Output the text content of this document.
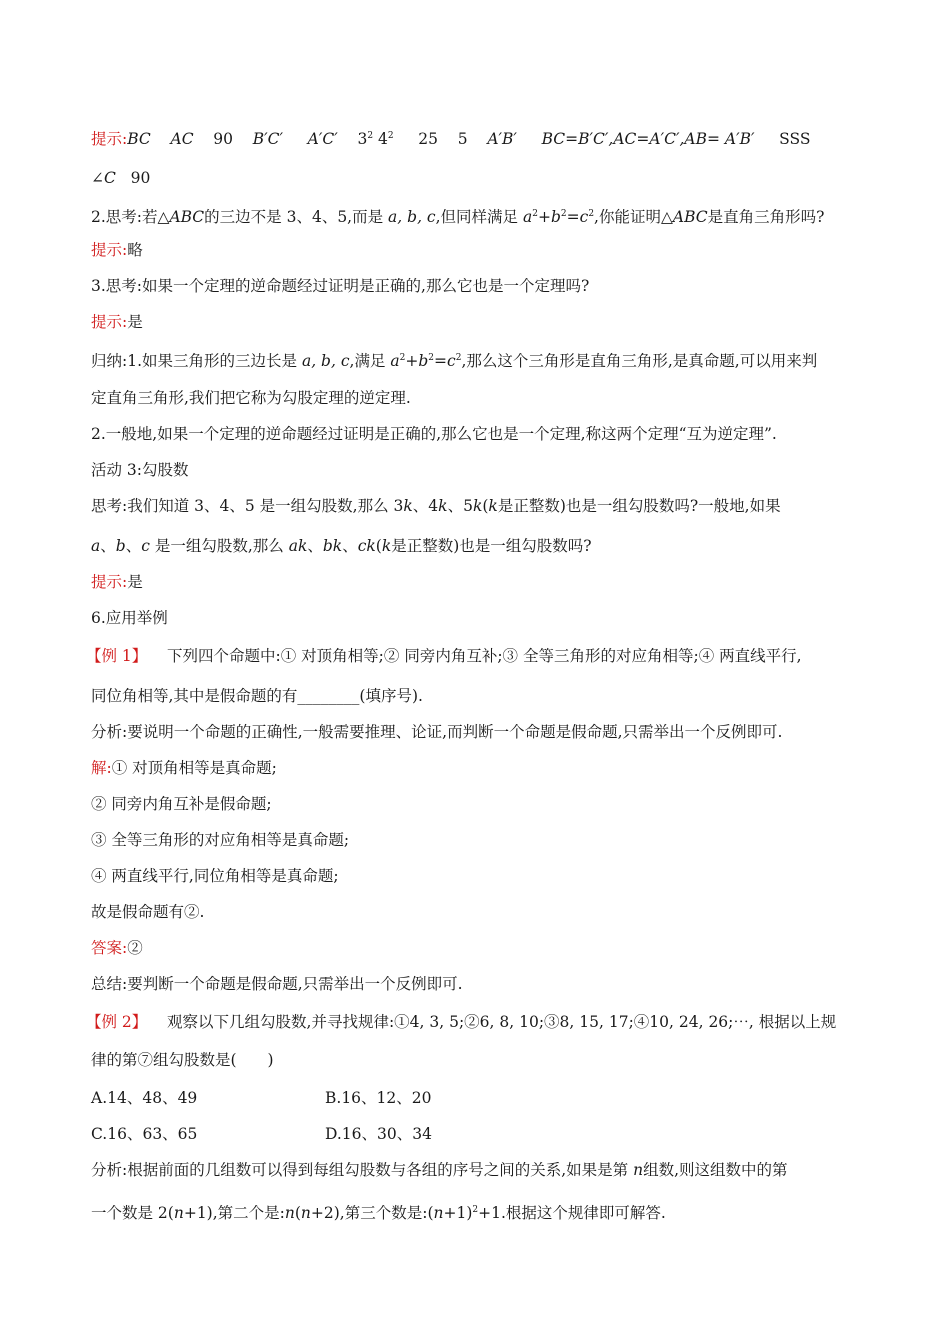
提示:BC AC 90 B′C′ A′C′ $3^2$ $4^2$ 25 5 A′B′ BC=B′C′,AC=A′C′,AB= A′B′ SSS
∠C 90
2.思考:若△ABC的三边不是 3、4、5,而是 a, b, c,但同样满足 $a^2+b^2=c^2$,你能证明△ABC是直角三角形吗?
提示:略
3.思考:如果一个定理的逆命题经过证明是正确的,那么它也是一个定理吗?
提示:是
归纳:1.如果三角形的三边长是 a, b, c,满足 $a^2+b^2=c^2$,那么这个三角形是直角三角形,是真命题,可以用来判
定直角三角形,我们把它称为勾股定理的逆定理.
2.一般地,如果一个定理的逆命题经过证明是正确的,那么它也是一个定理,称这两个定理“互为逆定理”.
活动 3:勾股数
思考:我们知道 3、4、5 是一组勾股数,那么 3k、4k、5k(k是正整数)也是一组勾股数吗?一般地,如果
a、b、c 是一组勾股数,那么 ak、bk、ck(k是正整数)也是一组勾股数吗?
提示:是
6.应用举例
【例 1】 下列四个命题中:① 对顶角相等;② 同旁内角互补;③ 全等三角形的对应角相等;④ 两直线平行,
同位角相等,其中是假命题的有________(填序号).
分析:要说明一个命题的正确性,一般需要推理、论证,而判断一个命题是假命题,只需举出一个反例即可.
解:① 对顶角相等是真命题;
② 同旁内角互补是假命题;
③ 全等三角形的对应角相等是真命题;
④ 两直线平行,同位角相等是真命题;
故是假命题有②.
答案:②
总结:要判断一个命题是假命题,只需举出一个反例即可.
【例 2】 观察以下几组勾股数,并寻找规律:①4, 3, 5;②6, 8, 10;③8, 15, 17;④10, 24, 26;⋯, 根据以上规
律的第⑦组勾股数是(　　)
A.14、48、49	B.16、12、20
C.16、63、65	D.16、30、34
分析:根据前面的几组数可以得到每组勾股数与各组的序号之间的关系,如果是第 n组数,则这组数中的第
一个数是 2(n+1),第二个是:n(n+2),第三个数是$:(n+1)^2+1$.根据这个规律即可解答.
